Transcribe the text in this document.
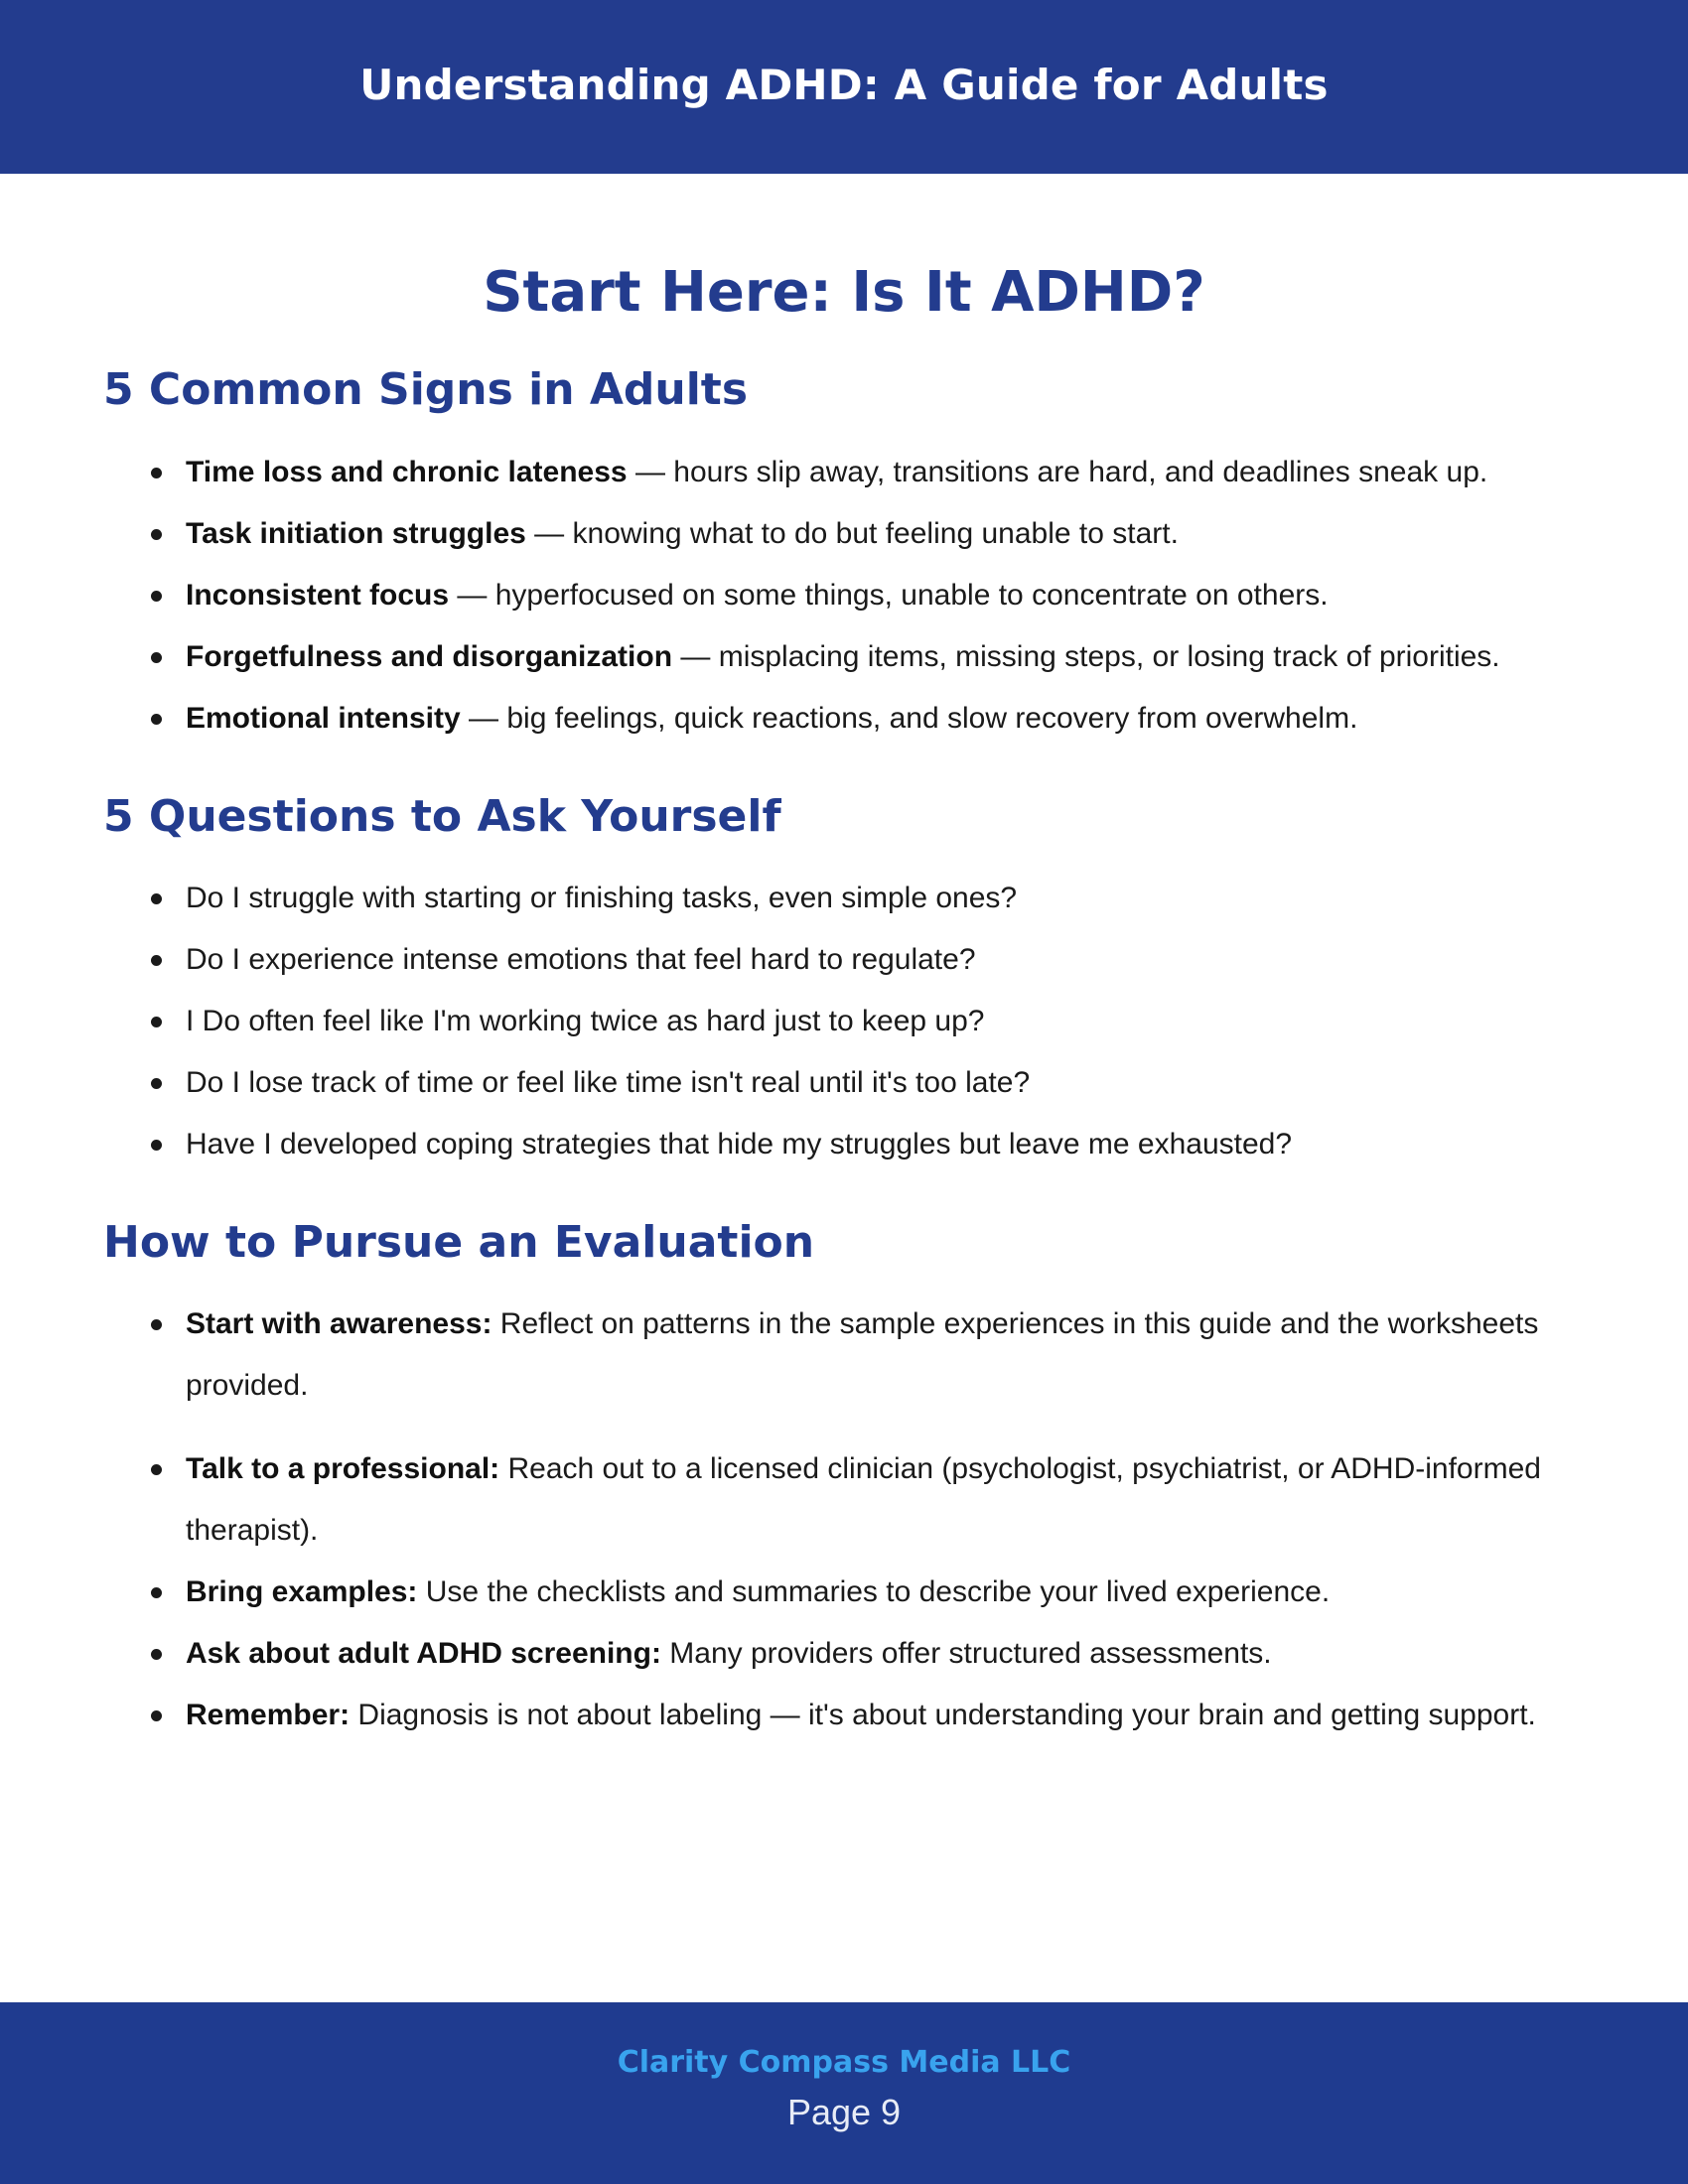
Understanding ADHD: A Guide for Adults
Start Here: Is It ADHD?
5 Common Signs in Adults
Time loss and chronic lateness — hours slip away, transitions are hard, and deadlines sneak up.
Task initiation struggles — knowing what to do but feeling unable to start.
Inconsistent focus — hyperfocused on some things, unable to concentrate on others.
Forgetfulness and disorganization — misplacing items, missing steps, or losing track of priorities.
Emotional intensity — big feelings, quick reactions, and slow recovery from overwhelm.
5 Questions to Ask Yourself
Do I struggle with starting or finishing tasks, even simple ones?
Do I experience intense emotions that feel hard to regulate?
I Do often feel like I'm working twice as hard just to keep up?
Do I lose track of time or feel like time isn't real until it's too late?
Have I developed coping strategies that hide my struggles but leave me exhausted?
How to Pursue an Evaluation
Start with awareness: Reflect on patterns in the sample experiences in this guide and the worksheets provided.
Talk to a professional: Reach out to a licensed clinician (psychologist, psychiatrist, or ADHD-informed therapist).
Bring examples: Use the checklists and summaries to describe your lived experience.
Ask about adult ADHD screening: Many providers offer structured assessments.
Remember: Diagnosis is not about labeling — it's about understanding your brain and getting support.
Clarity Compass Media LLC
Page 9
